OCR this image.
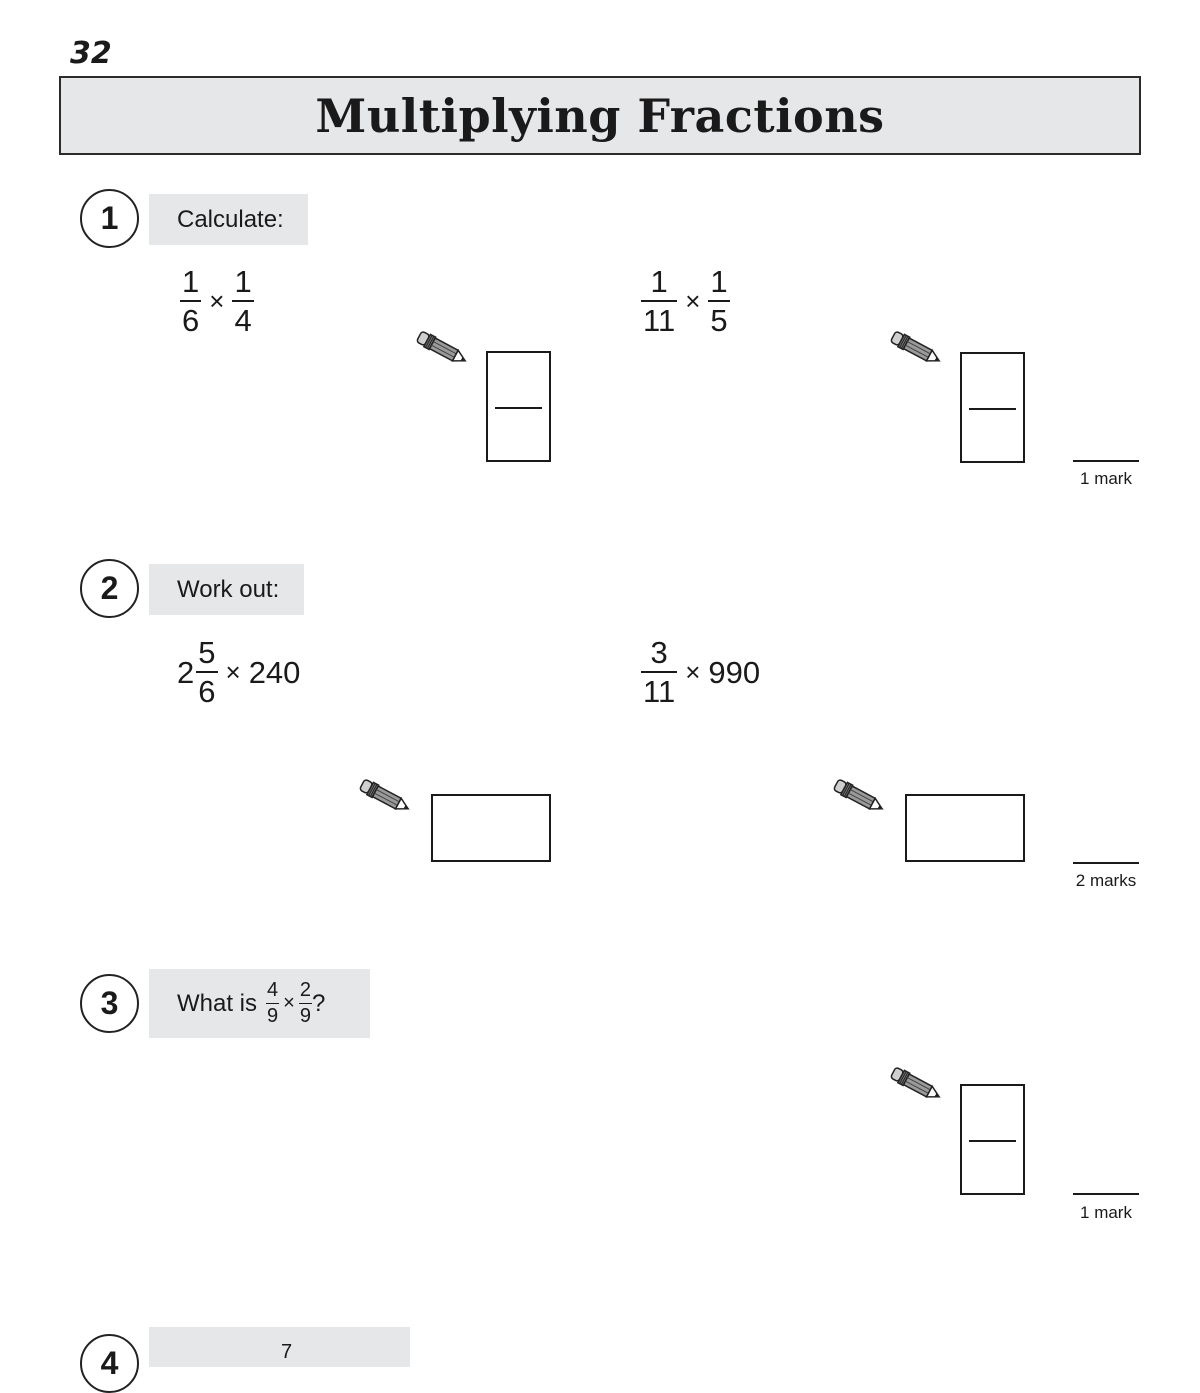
32
Multiplying Fractions
1	Calculate:
$\frac{1}{6} \times \frac{1}{4}$	$\frac{1}{11} \times \frac{1}{5}$
1 mark
2	Work out:
$2 \frac{5}{6} \times 240$	$\frac{3}{11} \times 990$
2 marks
3	What is $\frac{4}{9} \times \frac{2}{9}$ ?
1 mark
4	7
